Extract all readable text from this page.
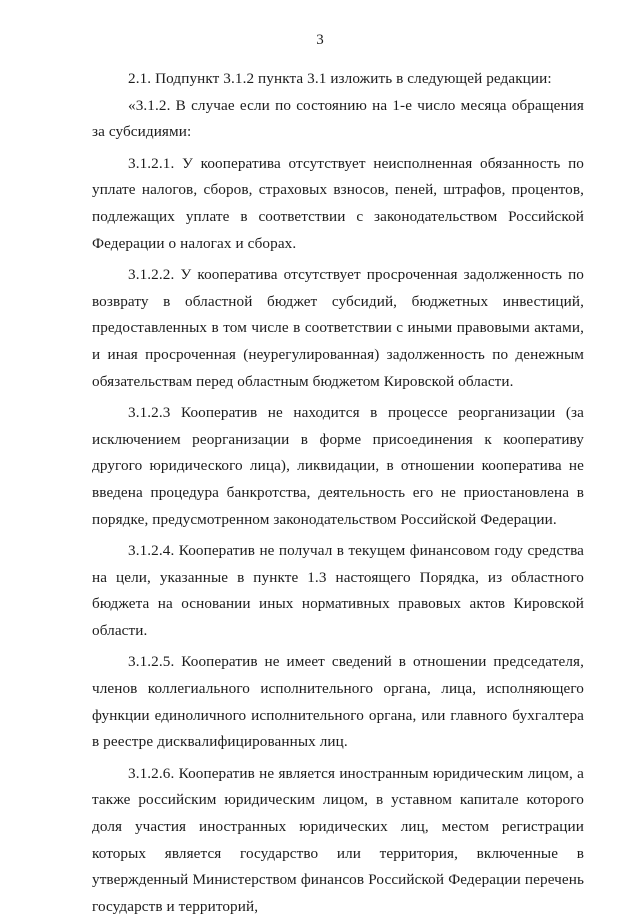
3

2.1. Подпункт 3.1.2 пункта 3.1 изложить в следующей редакции:

«3.1.2. В случае если по состоянию на 1-е число месяца обращения за субсидиями:

3.1.2.1. У кооператива отсутствует неисполненная обязанность по уплате налогов, сборов, страховых взносов, пеней, штрафов, процентов, подлежащих уплате в соответствии с законодательством Российской Федерации о налогах и сборах.

3.1.2.2. У кооператива отсутствует просроченная задолженность по возврату в областной бюджет субсидий, бюджетных инвестиций, предоставленных в том числе в соответствии с иными правовыми актами, и иная просроченная (неурегулированная) задолженность по денежным обязательствам перед областным бюджетом Кировской области.

3.1.2.3 Кооператив не находится в процессе реорганизации (за исключением реорганизации в форме присоединения к кооперативу другого юридического лица), ликвидации, в отношении кооператива не введена процедура банкротства, деятельность его не приостановлена в порядке, предусмотренном законодательством Российской Федерации.

3.1.2.4. Кооператив не получал в текущем финансовом году средства на цели, указанные в пункте 1.3 настоящего Порядка, из областного бюджета на основании иных нормативных правовых актов Кировской области.

3.1.2.5. Кооператив не имеет сведений в отношении председателя, членов коллегиального исполнительного органа, лица, исполняющего функции единоличного исполнительного органа, или главного бухгалтера в реестре дисквалифицированных лиц.

3.1.2.6. Кооператив не является иностранным юридическим лицом, а также российским юридическим лицом, в уставном капитале которого доля участия иностранных юридических лиц, местом регистрации которых является государство или территория, включенные в утвержденный Министерством финансов Российской Федерации перечень государств и территорий,
